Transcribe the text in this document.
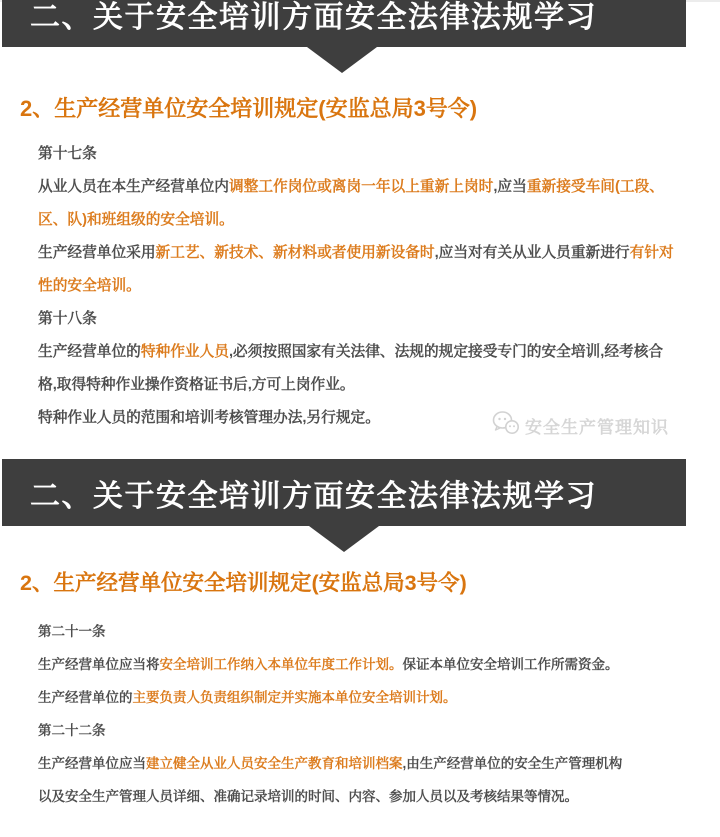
二、关于安全培训方面安全法律法规学习
2、生产经营单位安全培训规定(安监总局3号令)
第十七条
从业人员在本生产经营单位内调整工作岗位或离岗一年以上重新上岗时,应当重新接受车间(工段、
区、队)和班组级的安全培训。
生产经营单位采用新工艺、新技术、新材料或者使用新设备时,应当对有关从业人员重新进行有针对
性的安全培训。
第十八条
生产经营单位的特种作业人员,必须按照国家有关法律、法规的规定接受专门的安全培训,经考核合
格,取得特种作业操作资格证书后,方可上岗作业。
特种作业人员的范围和培训考核管理办法,另行规定。	安全生产管理知识
二、关于安全培训方面安全法律法规学习
2、生产经营单位安全培训规定(安监总局3号令)
第二十一条
生产经营单位应当将安全培训工作纳入本单位年度工作计划。保证本单位安全培训工作所需资金。
生产经营单位的主要负责人负责组织制定并实施本单位安全培训计划。
第二十二条
生产经营单位应当建立健全从业人员安全生产教育和培训档案,由生产经营单位的安全生产管理机构
以及安全生产管理人员详细、准确记录培训的时间、内容、参加人员以及考核结果等情况。
